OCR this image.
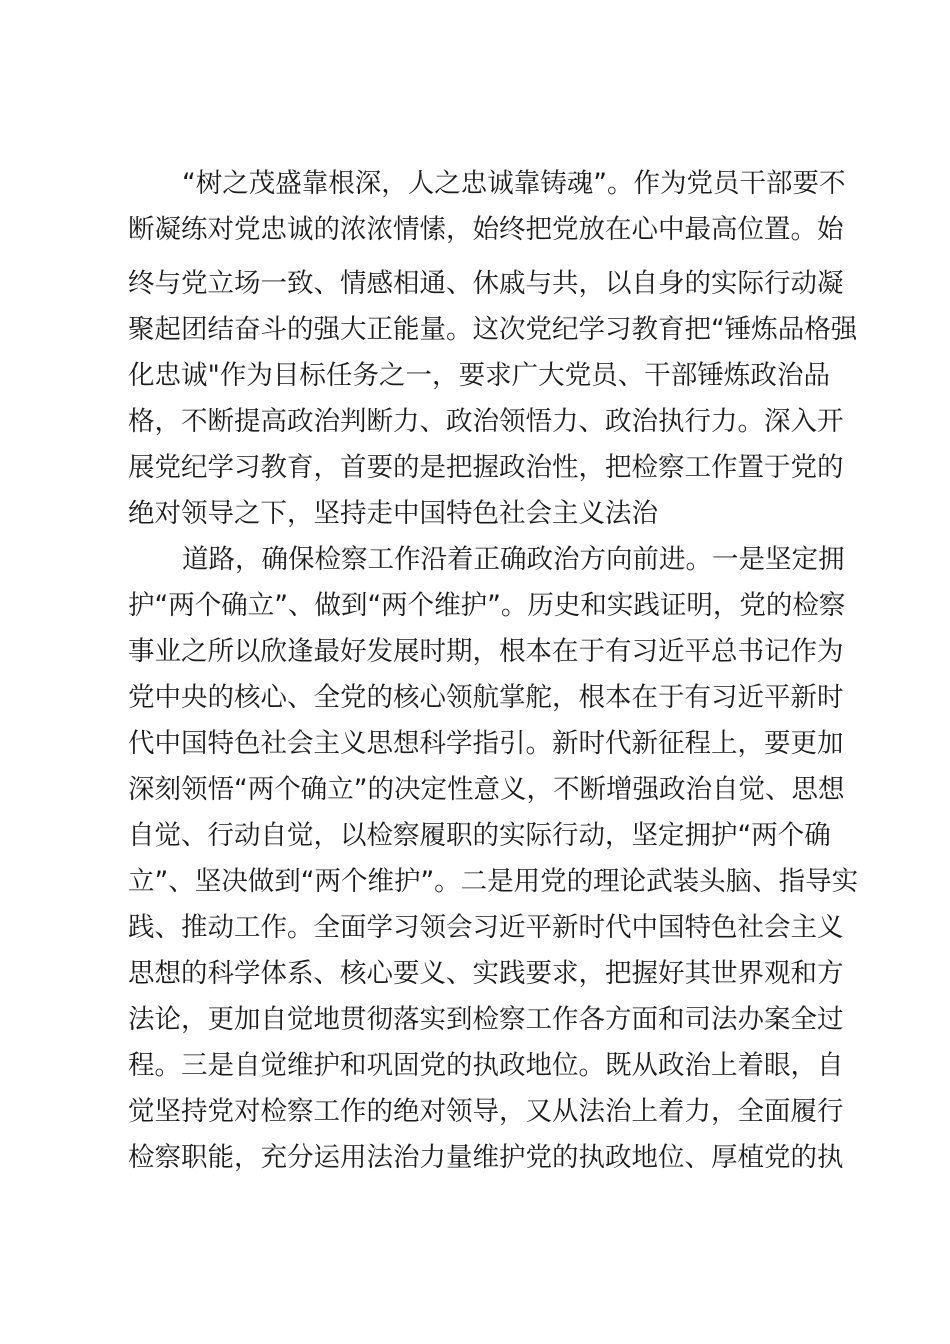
“树之茂盛靠根深，人之忠诚靠铸魂”。作为党员干部要不

断凝练对党忠诚的浓浓情愫，始终把党放在心中最高位置。始

终与党立场一致、情感相通、休戚与共，以自身的实际行动凝

聚起团结奋斗的强大正能量。这次党纪学习教育把“锤炼品格强

化忠诚"作为目标任务之一，要求广大党员、干部锤炼政治品

格，不断提高政治判断力、政治领悟力、政治执行力。深入开

展党纪学习教育，首要的是把握政治性，把检察工作置于党的

绝对领导之下，坚持走中国特色社会主义法治

道路，确保检察工作沿着正确政治方向前进。一是坚定拥

护“两个确立”、做到“两个维护”。历史和实践证明，党的检察

事业之所以欣逢最好发展时期，根本在于有习近平总书记作为

党中央的核心、全党的核心领航掌舵，根本在于有习近平新时

代中国特色社会主义思想科学指引。新时代新征程上，要更加

深刻领悟“两个确立”的决定性意义，不断增强政治自觉、思想

自觉、行动自觉，以检察履职的实际行动，坚定拥护“两个确

立”、坚决做到“两个维护”。二是用党的理论武装头脑、指导实

践、推动工作。全面学习领会习近平新时代中国特色社会主义

思想的科学体系、核心要义、实践要求，把握好其世界观和方

法论，更加自觉地贯彻落实到检察工作各方面和司法办案全过

程。三是自觉维护和巩固党的执政地位。既从政治上着眼，自

觉坚持党对检察工作的绝对领导，又从法治上着力，全面履行

检察职能，充分运用法治力量维护党的执政地位、厚植党的执
